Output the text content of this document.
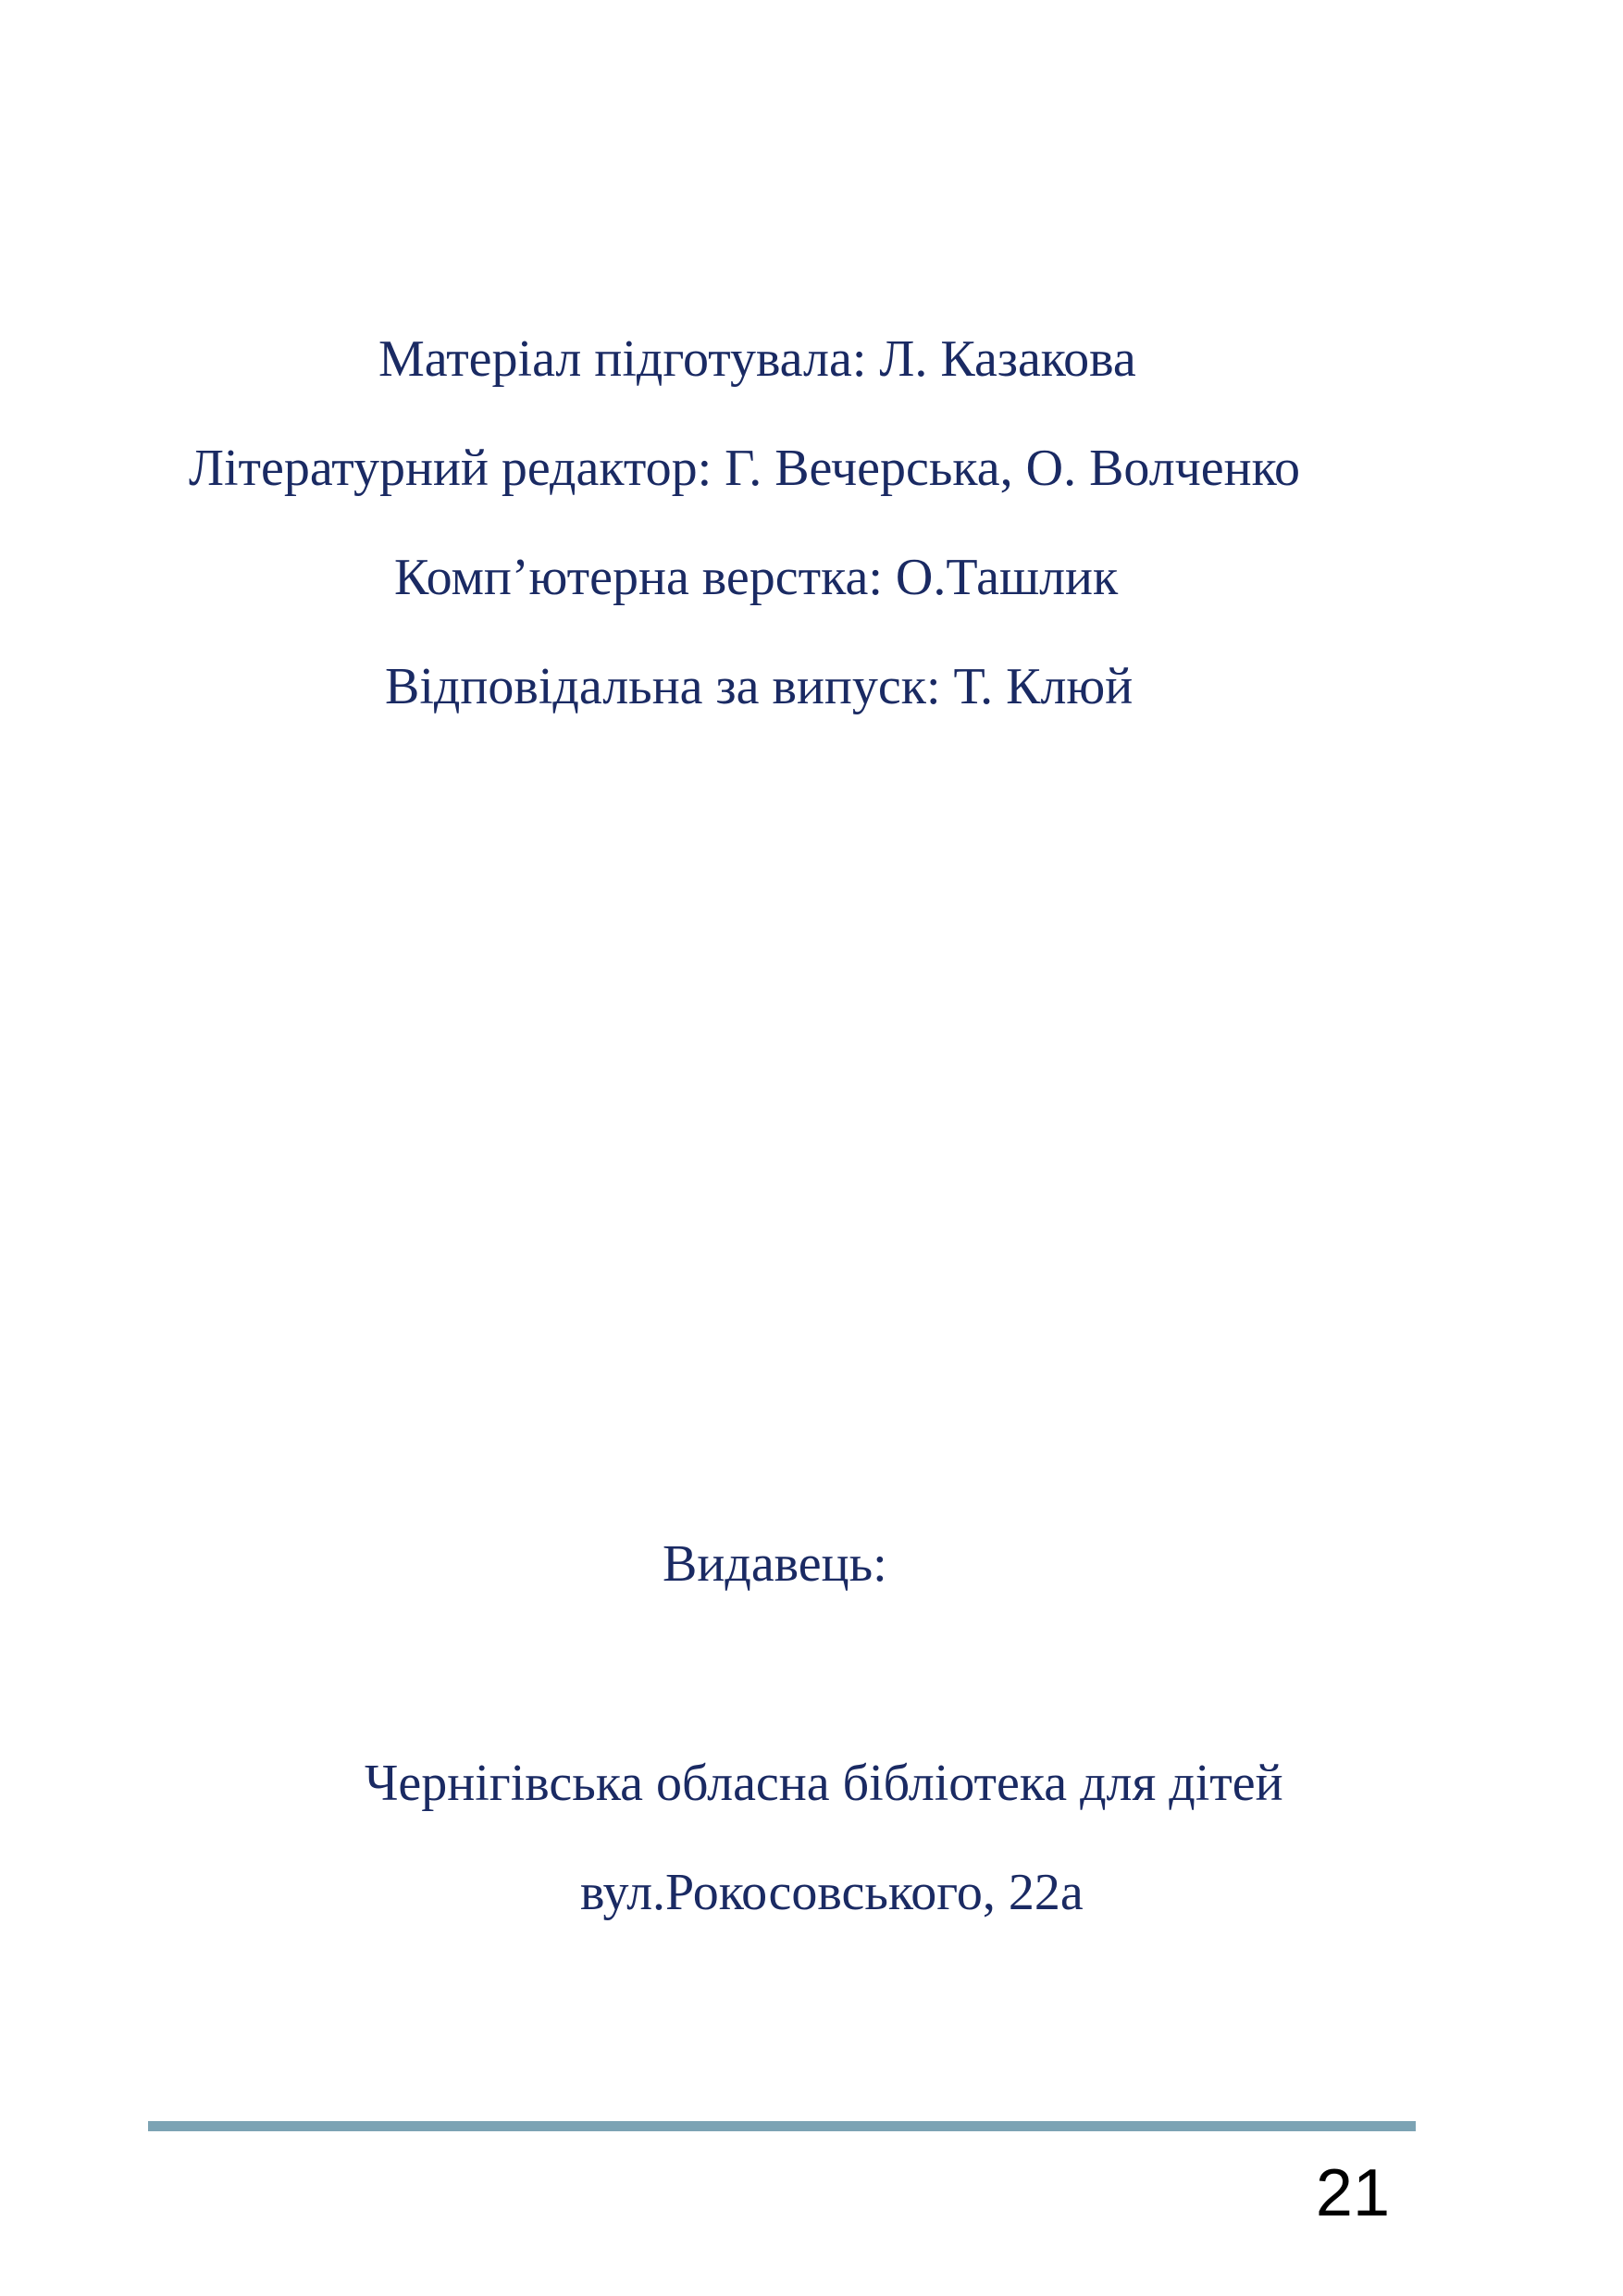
Матеріал підготувала: Л. Казакова
Літературний редактор: Г. Вечерська, О. Волченко
Комп’ютерна верстка: О.Ташлик
Відповідальна за випуск: Т. Клюй
Видавець:
Чернігівська обласна бібліотека для дітей
вул.Рокосовського, 22а
21
